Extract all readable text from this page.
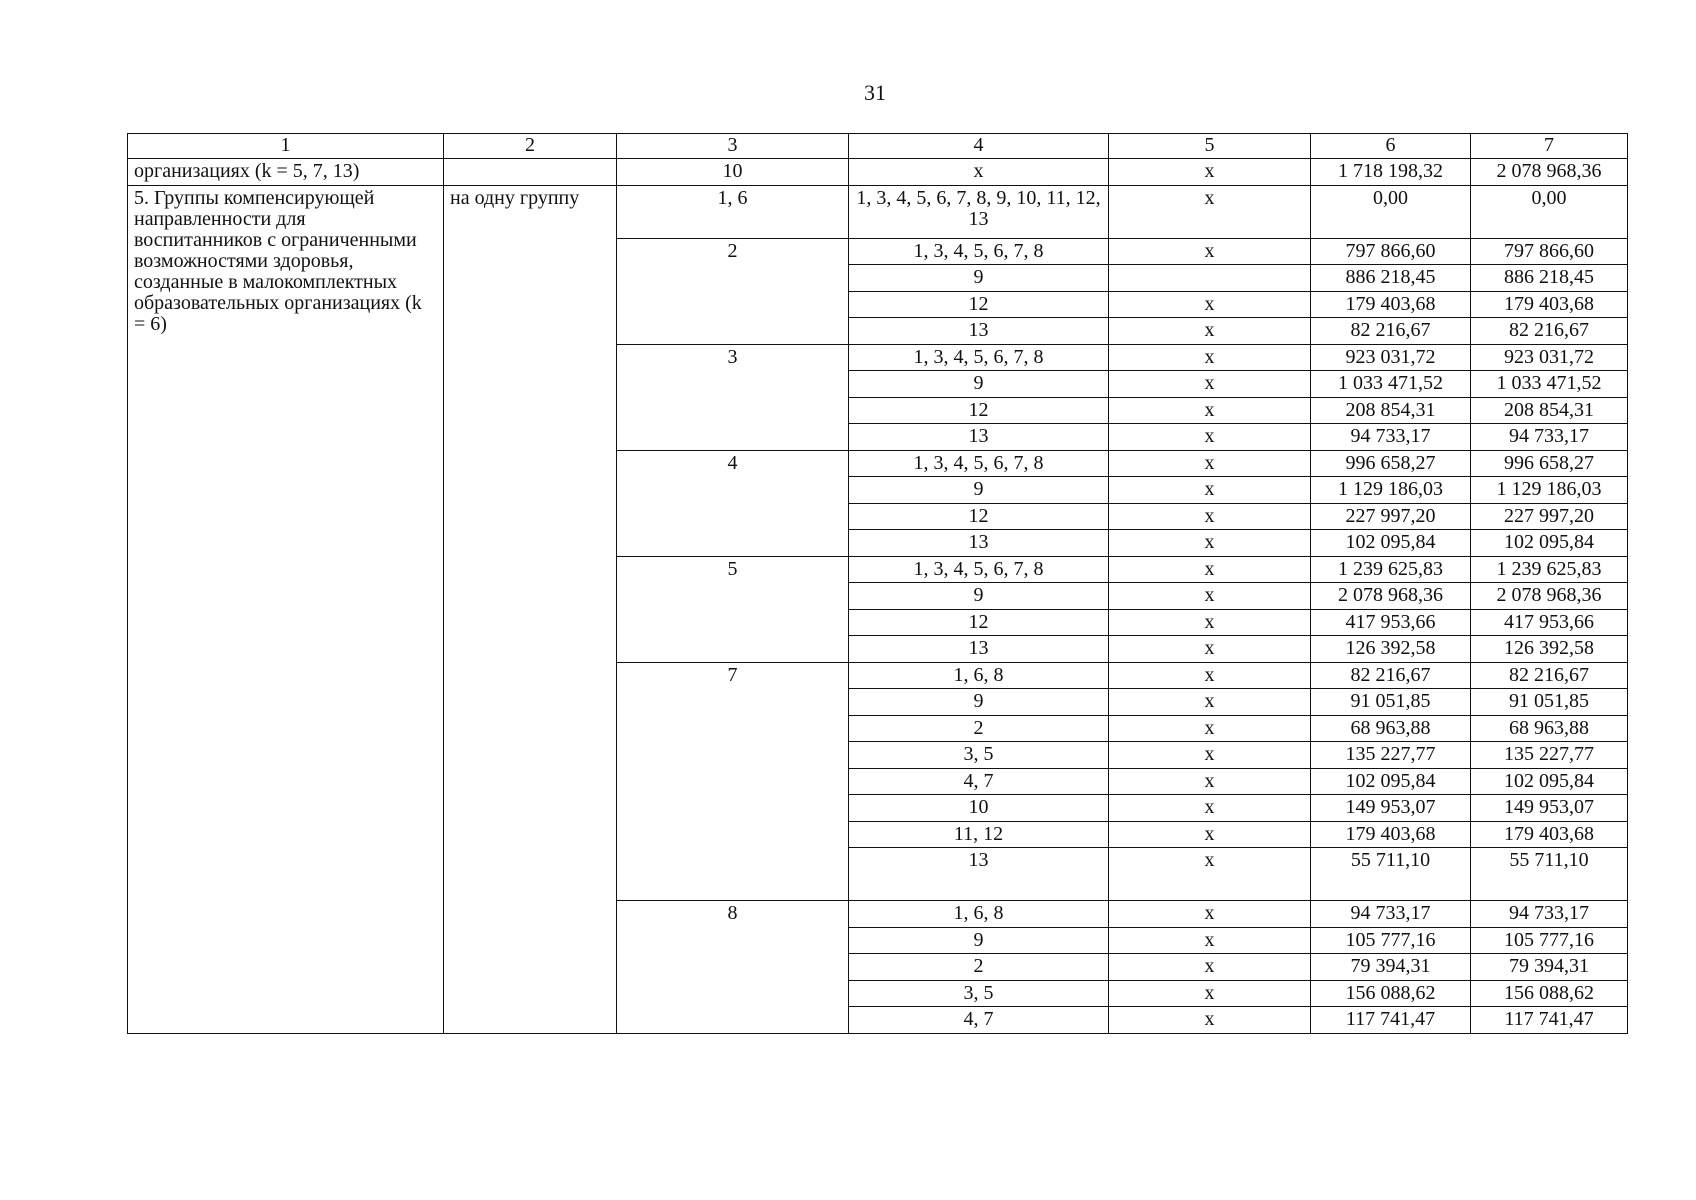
31
1	2	3	4	5	6	7
организациях (k = 5, 7, 13)		10	x	x	1 718 198,32	2 078 968,36
5. Группы компенсирующей направленности для воспитанников с ограниченными возможностями здоровья, созданные в малокомплектных образовательных организациях (k = 6)	на одну группу	1, 6	1, 3, 4, 5, 6, 7, 8, 9, 10, 11, 12, 13	x	0,00	0,00
		2	1, 3, 4, 5, 6, 7, 8	x	797 866,60	797 866,60
			9		886 218,45	886 218,45
			12	x	179 403,68	179 403,68
			13	x	82 216,67	82 216,67
		3	1, 3, 4, 5, 6, 7, 8	x	923 031,72	923 031,72
			9	x	1 033 471,52	1 033 471,52
			12	x	208 854,31	208 854,31
			13	x	94 733,17	94 733,17
		4	1, 3, 4, 5, 6, 7, 8	x	996 658,27	996 658,27
			9	x	1 129 186,03	1 129 186,03
			12	x	227 997,20	227 997,20
			13	x	102 095,84	102 095,84
		5	1, 3, 4, 5, 6, 7, 8	x	1 239 625,83	1 239 625,83
			9	x	2 078 968,36	2 078 968,36
			12	x	417 953,66	417 953,66
			13	x	126 392,58	126 392,58
		7	1, 6, 8	x	82 216,67	82 216,67
			9	x	91 051,85	91 051,85
			2	x	68 963,88	68 963,88
			3, 5	x	135 227,77	135 227,77
			4, 7	x	102 095,84	102 095,84
			10	x	149 953,07	149 953,07
			11, 12	x	179 403,68	179 403,68
			13	x	55 711,10	55 711,10
		8	1, 6, 8	x	94 733,17	94 733,17
			9	x	105 777,16	105 777,16
			2	x	79 394,31	79 394,31
			3, 5	x	156 088,62	156 088,62
			4, 7	x	117 741,47	117 741,47
